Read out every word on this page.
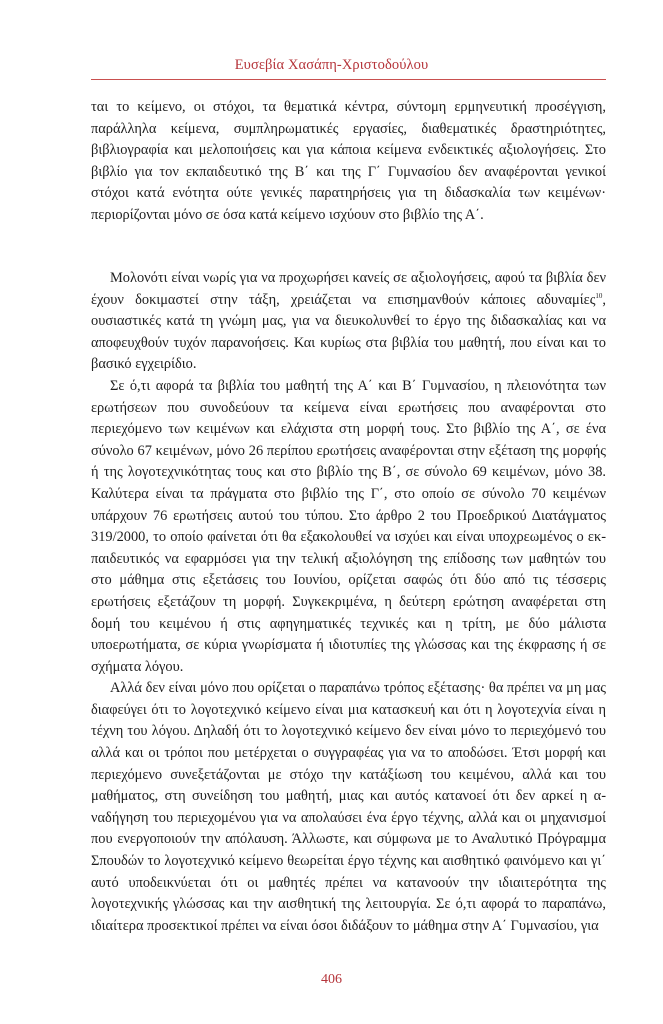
Ευσεβία Χασάπη-Χριστοδούλου

ται το κείμενο, οι στόχοι, τα θεματικά κέντρα, σύντομη ερμηνευτική προσέγγιση, παράλληλα κείμενα, συμπληρωματικές εργασίες, διαθεματικές δραστηριότητες, βιβλιογραφία και μελοποιήσεις και για κάποια κείμενα ενδεικτικές αξιολογήσεις. Στο βιβλίο για τον εκπαιδευτικό της Β΄ και της Γ΄ Γυμνασίου δεν αναφέρονται γενικοί στόχοι κατά ενότητα ούτε γενικές παρατηρήσεις για τη διδασκαλία των κειμένων· περιορίζονται μόνο σε όσα κατά κείμενο ισχύουν στο βιβλίο της Α΄.

Μολονότι είναι νωρίς για να προχωρήσει κανείς σε αξιολογήσεις, αφού τα βιβλία δεν έχουν δοκιμαστεί στην τάξη, χρειάζεται να επισημανθούν κάποιες αδυναμίες$^{10}$, ουσιαστικές κατά τη γνώμη μας, για να διευκολυνθεί το έργο της διδασκαλίας και να αποφευχθούν τυχόν παρανοήσεις. Και κυρίως στα βιβλία του μαθητή, που είναι και το βασικό εγχειρίδιο.

Σε ό,τι αφορά τα βιβλία του μαθητή της Α΄ και Β΄ Γυμνασίου, η πλειονότητα των ερωτήσεων που συνοδεύουν τα κείμενα είναι ερωτήσεις που αναφέρονται στο περιεχόμενο των κειμένων και ελάχιστα στη μορφή τους. Στο βιβλίο της Α΄, σε ένα σύνολο 67 κειμένων, μόνο 26 περίπου ερωτήσεις αναφέρονται στην εξέταση της μορφής ή της λογοτεχνικότητας τους και στο βιβλίο της Β΄, σε σύνολο 69 κειμένων, μόνο 38. Καλύτερα είναι τα πράγματα στο βιβλίο της Γ΄, στο οποίο σε σύνολο 70 κειμένων υπάρχουν 76 ερωτήσεις αυτού του τύπου. Στο άρθρο 2 του Προεδρικού Διατάγματος 319/2000, το οποίο φαίνεται ότι θα εξακολουθεί να ισχύει και είναι υποχρεωμένος ο εκπαιδευτικός να εφαρμόσει για την τελική αξιολόγηση της επίδοσης των μαθητών του στο μάθημα στις εξετάσεις του Ιουνίου, ορίζεται σαφώς ότι δύο από τις τέσσερις ερωτήσεις εξετάζουν τη μορφή. Συγκεκριμένα, η δεύτερη ερώτηση αναφέρεται στη δομή του κειμένου ή στις αφηγηματικές τεχνικές και η τρίτη, με δύο μάλιστα υποερωτήματα, σε κύρια γνωρίσματα ή ιδιοτυπίες της γλώσσας και της έκφρασης ή σε σχήματα λόγου.

Αλλά δεν είναι μόνο που ορίζεται ο παραπάνω τρόπος εξέτασης· θα πρέπει να μη μας διαφεύγει ότι το λογοτεχνικό κείμενο είναι μια κατασκευή και ότι η λογοτεχνία είναι η τέχνη του λόγου. Δηλαδή ότι το λογοτεχνικό κείμενο δεν είναι μόνο το περιεχόμενό του αλλά και οι τρόποι που μετέρχεται ο συγγραφέας για να το αποδώσει. Έτσι μορφή και περιεχόμενο συνεξετάζονται με στόχο την κατάξίωση του κειμένου, αλλά και του μαθήματος, στη συνείδηση του μαθητή, μιας και αυτός κατανοεί ότι δεν αρκεί η αναδήγηση του περιεχομένου για να απολαύσει ένα έργο τέχνης, αλλά και οι μηχανισμοί που ενεργοποιούν την απόλαυση. Άλλωστε, και σύμφωνα με το Αναλυτικό Πρόγραμμα Σπουδών το λογοτεχνικό κείμενο θεωρείται έργο τέχνης και αισθητικό φαινόμενο και γι΄ αυτό υποδεικνύεται ότι οι μαθητές πρέπει να κατανοούν την ιδιαιτερότητα της λογοτεχνικής γλώσσας και την αισθητική της λειτουργία. Σε ό,τι αφορά το παραπάνω, ιδιαίτερα προσεκτικοί πρέπει να είναι όσοι διδάξουν το μάθημα στην Α΄ Γυμνασίου, για

406
